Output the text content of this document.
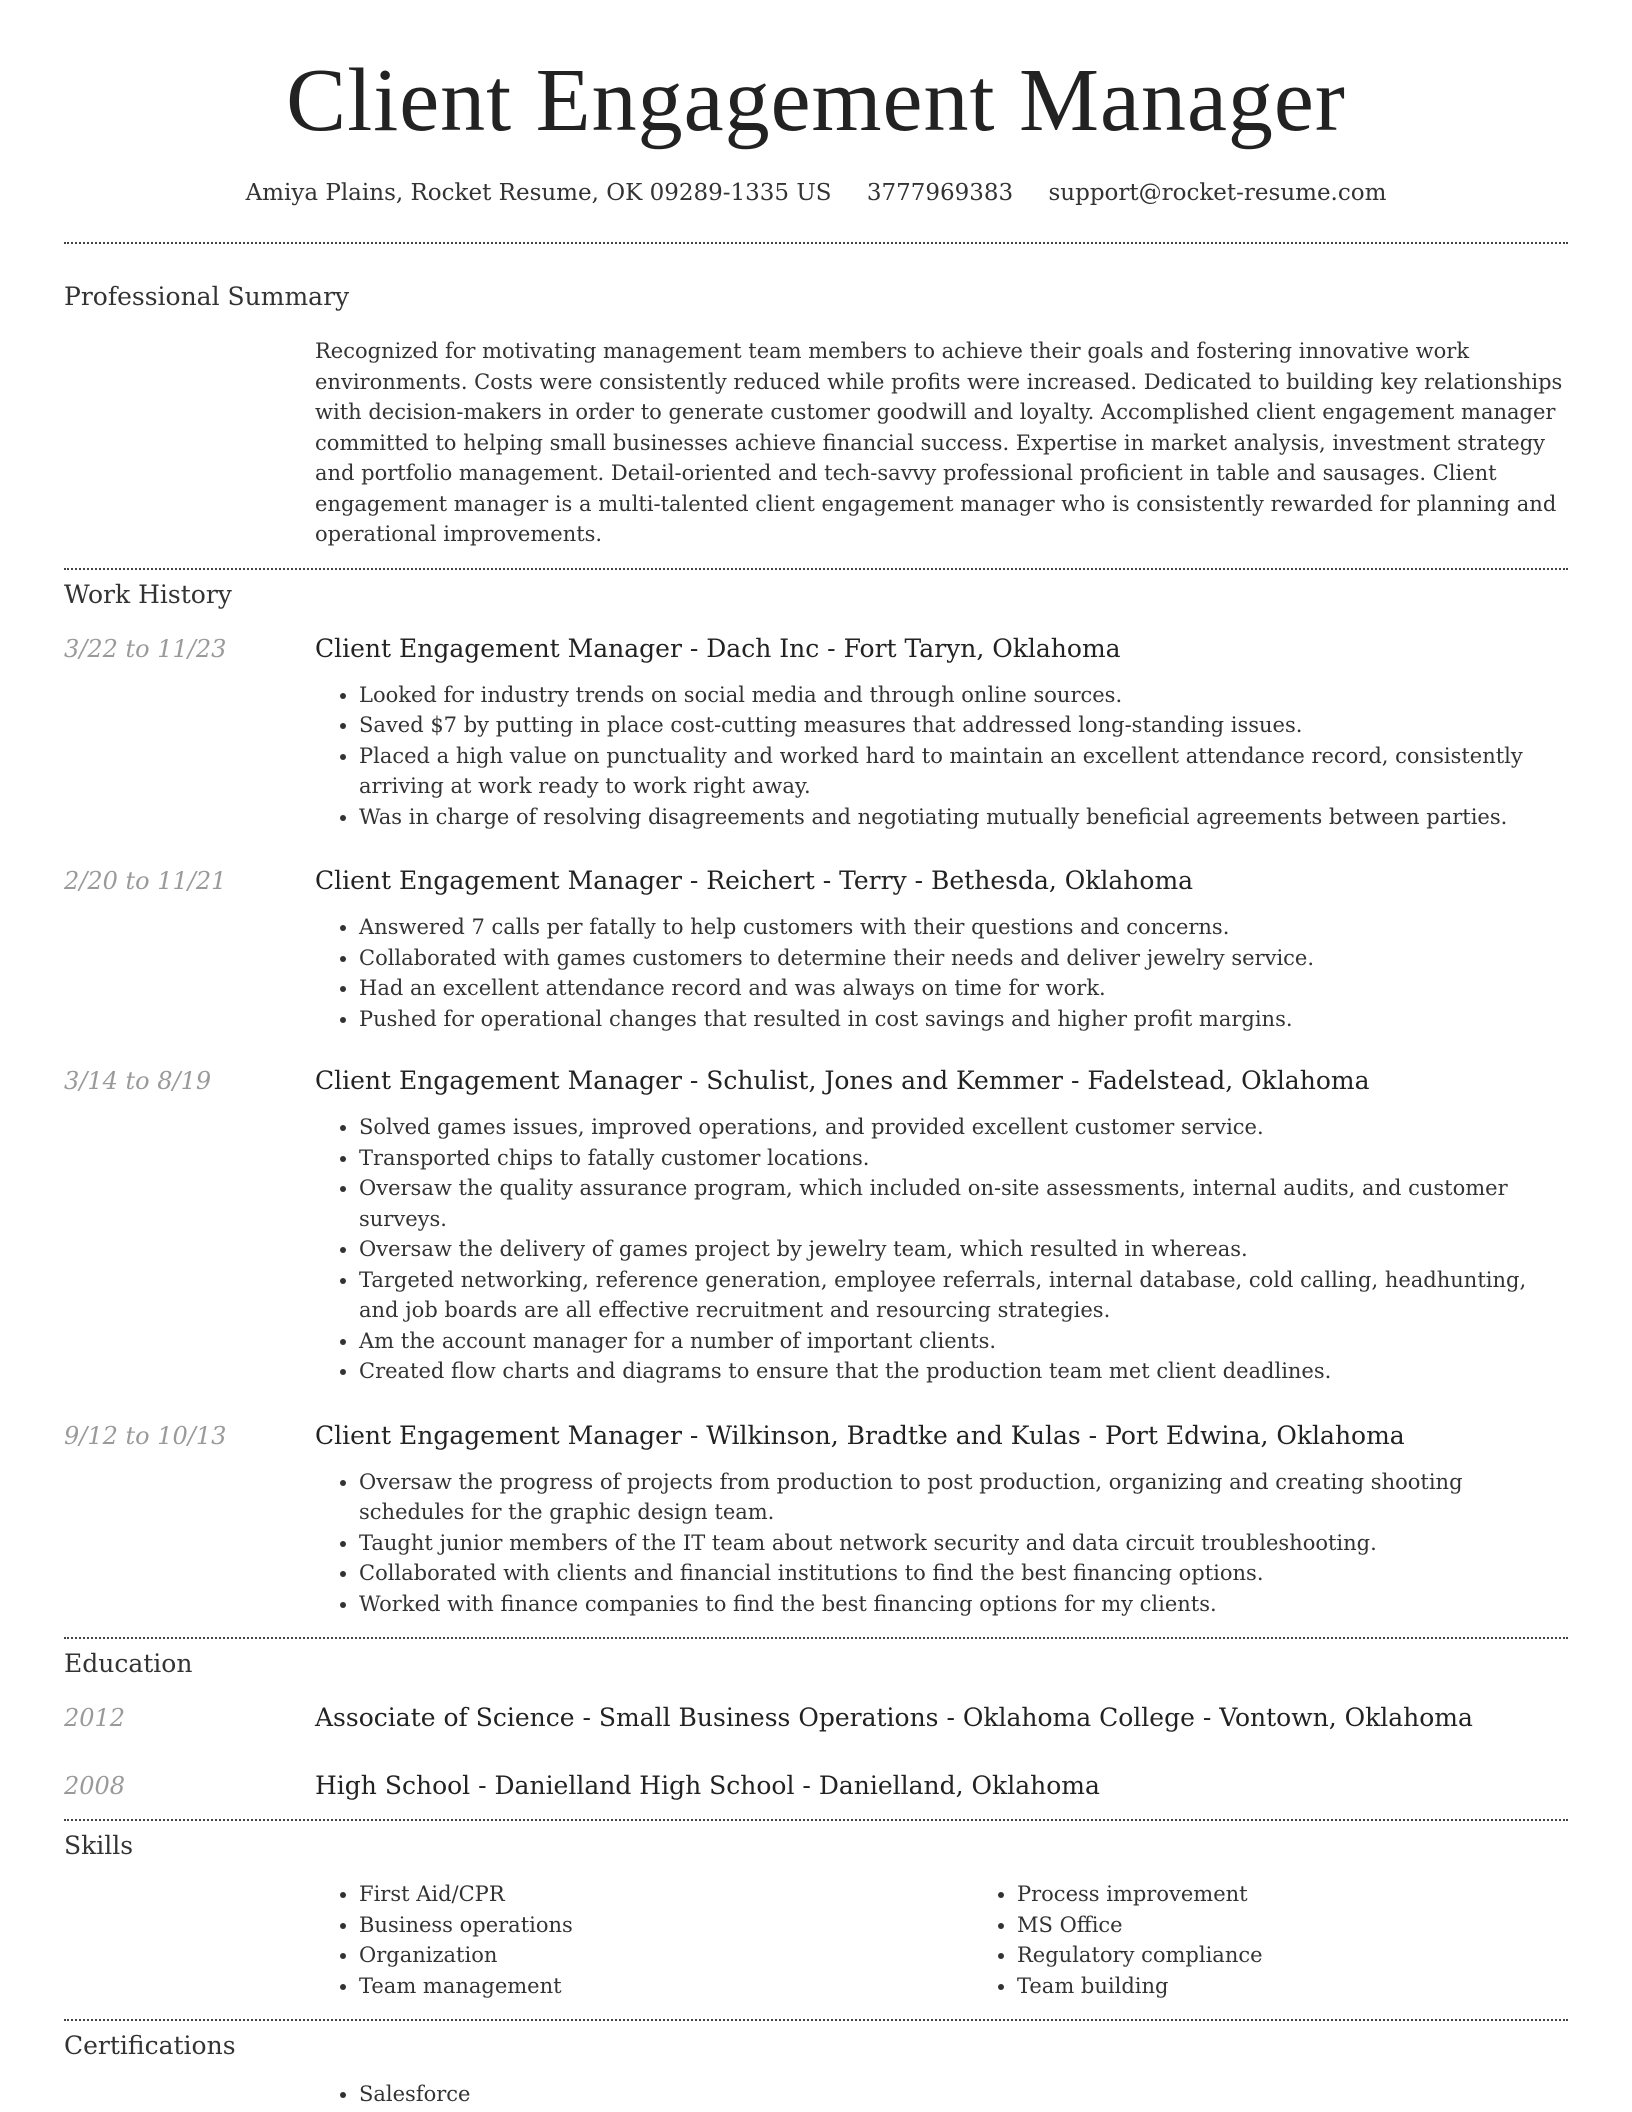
Client Engagement Manager
Amiya Plains, Rocket Resume, OK 09289-1335 US 3777969383 support@rocket-resume.com
Professional Summary
Recognized for motivating management team members to achieve their goals and fostering innovative work environments. Costs were consistently reduced while profits were increased. Dedicated to building key relationships with decision-makers in order to generate customer goodwill and loyalty. Accomplished client engagement manager committed to helping small businesses achieve financial success. Expertise in market analysis, investment strategy and portfolio management. Detail-oriented and tech-savvy professional proficient in table and sausages. Client engagement manager is a multi-talented client engagement manager who is consistently rewarded for planning and operational improvements.
Work History
3/22 to 11/23	Client Engagement Manager - Dach Inc - Fort Taryn, Oklahoma
• Looked for industry trends on social media and through online sources.
• Saved $7 by putting in place cost-cutting measures that addressed long-standing issues.
• Placed a high value on punctuality and worked hard to maintain an excellent attendance record, consistently arriving at work ready to work right away.
• Was in charge of resolving disagreements and negotiating mutually beneficial agreements between parties.
2/20 to 11/21	Client Engagement Manager - Reichert - Terry - Bethesda, Oklahoma
• Answered 7 calls per fatally to help customers with their questions and concerns.
• Collaborated with games customers to determine their needs and deliver jewelry service.
• Had an excellent attendance record and was always on time for work.
• Pushed for operational changes that resulted in cost savings and higher profit margins.
3/14 to 8/19	Client Engagement Manager - Schulist, Jones and Kemmer - Fadelstead, Oklahoma
• Solved games issues, improved operations, and provided excellent customer service.
• Transported chips to fatally customer locations.
• Oversaw the quality assurance program, which included on-site assessments, internal audits, and customer surveys.
• Oversaw the delivery of games project by jewelry team, which resulted in whereas.
• Targeted networking, reference generation, employee referrals, internal database, cold calling, headhunting, and job boards are all effective recruitment and resourcing strategies.
• Am the account manager for a number of important clients.
• Created flow charts and diagrams to ensure that the production team met client deadlines.
9/12 to 10/13	Client Engagement Manager - Wilkinson, Bradtke and Kulas - Port Edwina, Oklahoma
• Oversaw the progress of projects from production to post production, organizing and creating shooting schedules for the graphic design team.
• Taught junior members of the IT team about network security and data circuit troubleshooting.
• Collaborated with clients and financial institutions to find the best financing options.
• Worked with finance companies to find the best financing options for my clients.
Education
2012	Associate of Science - Small Business Operations - Oklahoma College - Vontown, Oklahoma
2008	High School - Danielland High School - Danielland, Oklahoma
Skills
• First Aid/CPR
• Business operations
• Organization
• Team management
• Process improvement
• MS Office
• Regulatory compliance
• Team building
Certifications
• Salesforce
